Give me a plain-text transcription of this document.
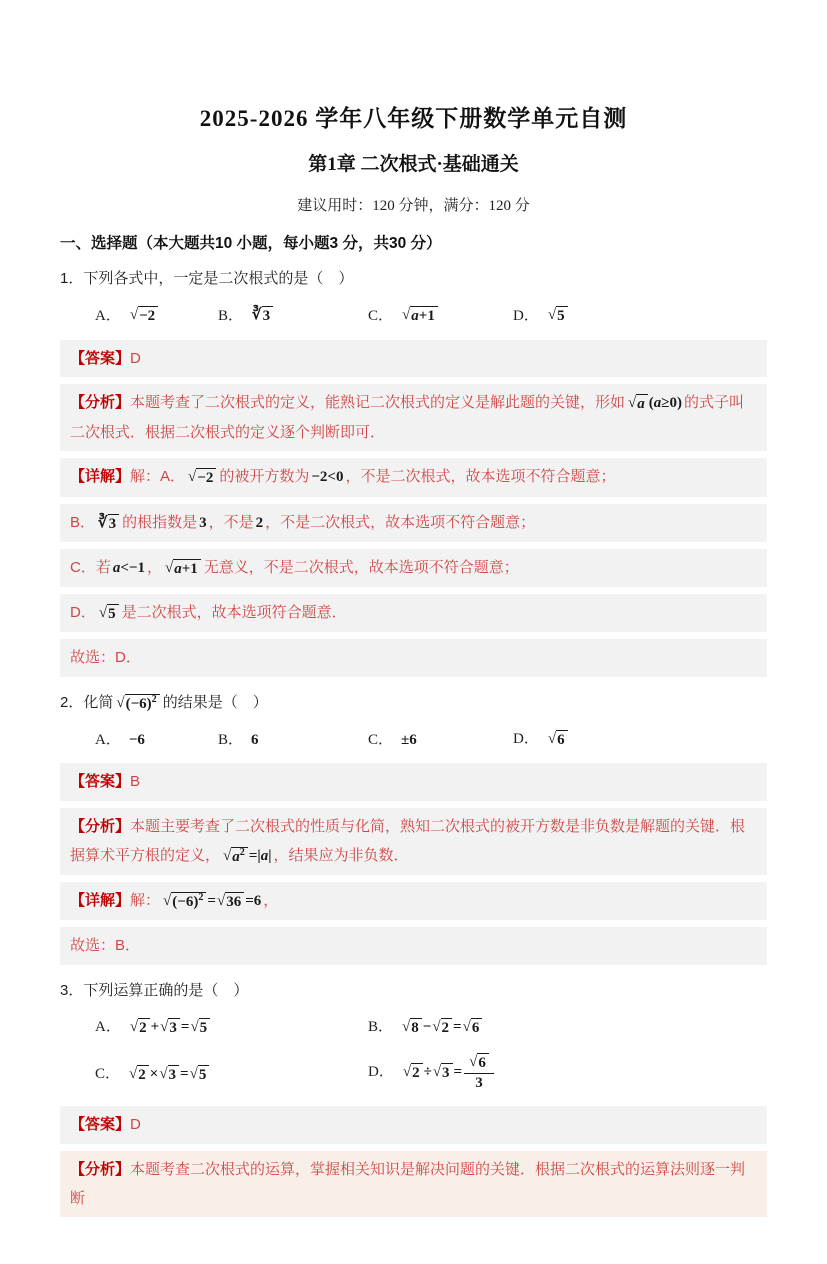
2025-2026 学年八年级下册数学单元自测
第1章 二次根式·基础通关
建议用时：120 分钟，满分：120 分
一、选择题（本大题共10 小题，每小题3 分，共30 分）
1．下列各式中，一定是二次根式的是（　）
A． √ −2	B． ∛ 3	C． √ a+1	D． √ 5
【答案】D
【分析】本题考查了二次根式的定义，能熟记二次根式的定义是解此题的关键，形如 √ a (a≥0) 的式子叫二次根式．根据二次根式的定义逐个判断即可．
【详解】解：A． √ −2 的被开方数为 −2<0 ，不是二次根式，故本选项不符合题意；
B． ∛ 3 的根指数是 3 ，不是 2 ，不是二次根式，故本选项不符合题意；
C．若 a<−1 ， √ a+1 无意义，不是二次根式，故本选项不符合题意；
D． √ 5 是二次根式，故本选项符合题意．
故选：D．
2．化简 √ $(-6)^2$ 的结果是（　）
A． −6	B． 6	C． ±6	D． √ 6
【答案】B
【分析】本题主要考查了二次根式的性质与化简，熟知二次根式的被开方数是非负数是解题的关键．根据算术平方根的定义， √ $a^2 =|a|$ ，结果应为非负数．
【详解】解： √ $(-6)^2$ = √ 36 =6 ，
故选：B．
3．下列运算正确的是（　）
A． √ 2 + √ 3 = √ 5	B． √ 8 − √ 2 = √ 6
C． √ 2 × √ 3 = √ 5	D． √ 2 ÷ √ $3 = \frac{√ 6}{3}$
【答案】D
【分析】本题考查二次根式的运算，掌握相关知识是解决问题的关键．根据二次根式的运算法则逐一判断
